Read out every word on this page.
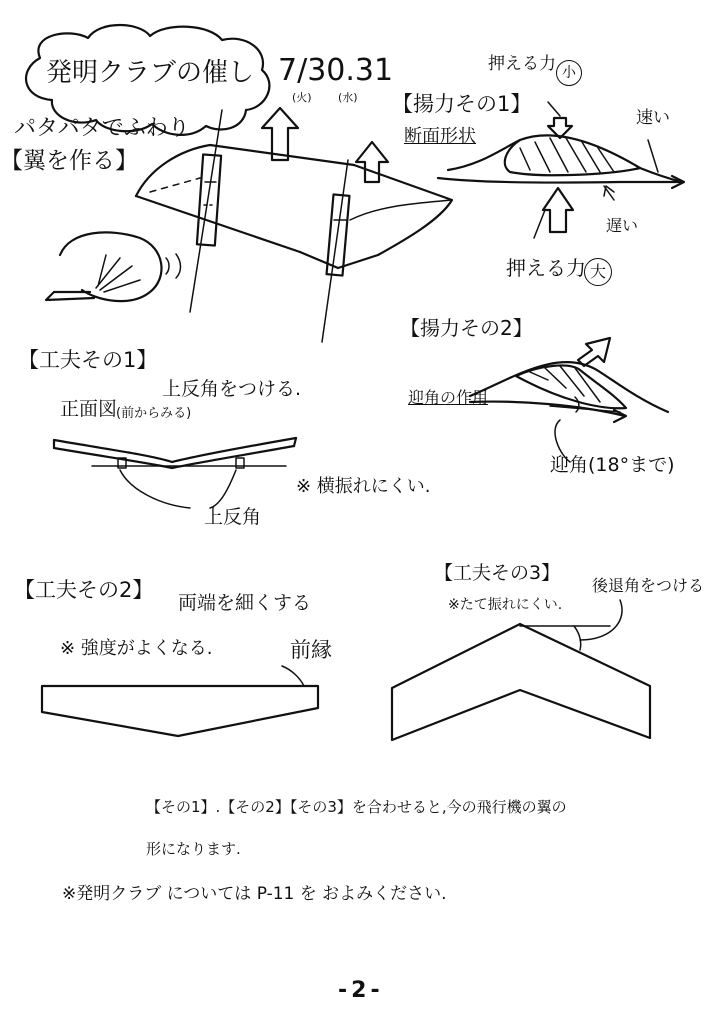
発明クラブの催し 7/30.31
(火) (水)
パタパタでふわり
【翼を作る】
【揚力その1】
断面形状
押える力 小
速い
遅い
押える力 大
【揚力その2】
迎角の作用
迎角(18°まで)
【工夫その1】
上反角をつける.
正面図
(前からみる)
※ 横振れにくい.
上反角
【工夫その2】
両端を細くする
※ 強度がよくなる.	前縁
【工夫その3】
後退角をつける
※たて振れにくい.
【その1】.【その2】【その3】を合わせると,今の飛行機の翼の
形になります.
※発明クラブ については P-11 を およみください.
-2-
